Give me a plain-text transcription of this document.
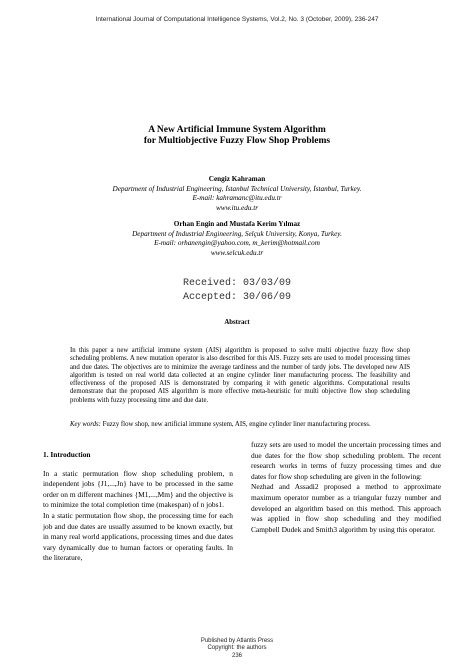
International Journal of Computational Intelligence Systems, Vol.2, No. 3 (October, 2009), 236-247
A New Artificial Immune System Algorithm
for Multiobjective Fuzzy Flow Shop Problems
Cengiz Kahraman
Department of Industrial Engineering, İstanbul Technical University, İstanbul, Turkey.
E-mail: kahramanc@itu.edu.tr
www.itu.edu.tr
Orhan Engin and Mustafa Kerim Yılmaz
Department of Industrial Engineering, Selçuk University, Konya, Turkey.
E-mail: orhanengin@yahoo.com, m_kerim@hotmail.com
www.selcuk.edu.tr
Received: 03/03/09
Accepted: 30/06/09
Abstract
In this paper a new artificial immune system (AIS) algorithm is proposed to solve multi objective fuzzy flow shop scheduling problems. A new mutation operator is also described for this AIS. Fuzzy sets are used to model processing times and due dates. The objectives are to minimize the average tardiness and the number of tardy jobs. The developed new AIS algorithm is tested on real world data collected at an engine cylinder liner manufacturing process. The feasibility and effectiveness of the proposed AIS is demonstrated by comparing it with genetic algorithms. Computational results demonstrate that the proposed AIS algorithm is more effective meta-heuristic for multi objective flow shop scheduling problems with fuzzy processing time and due date.
Key words: Fuzzy flow shop, new artificial immune system, AIS, engine cylinder liner manufacturing process.
1. Introduction

In a static permutation flow shop scheduling problem, n independent jobs {J1,...,Jn} have to be processed in the same order on m different machines {M1,...,Mm} and the objective is to minimize the total completion time (makespan) of n jobs1.

In a static permutation flow shop, the processing time for each job and due dates are usually assumed to be known exactly, but in many real world applications, processing times and due dates vary dynamically due to human factors or operating faults. In the literature,

fuzzy sets are used to model the uncertain processing times and due dates for the flow shop scheduling problem. The recent research works in terms of fuzzy processing times and due dates for flow shop scheduling are given in the following:

Nezhad and Assadi2 proposed a method to approximate maximum operator number as a triangular fuzzy number and developed an algorithm based on this method. This approach was applied in flow shop scheduling and they modified Campbell Dudek and Smith3 algorithm by using this operator.

Published by Atlantis Press
Copyright: the authors
236
